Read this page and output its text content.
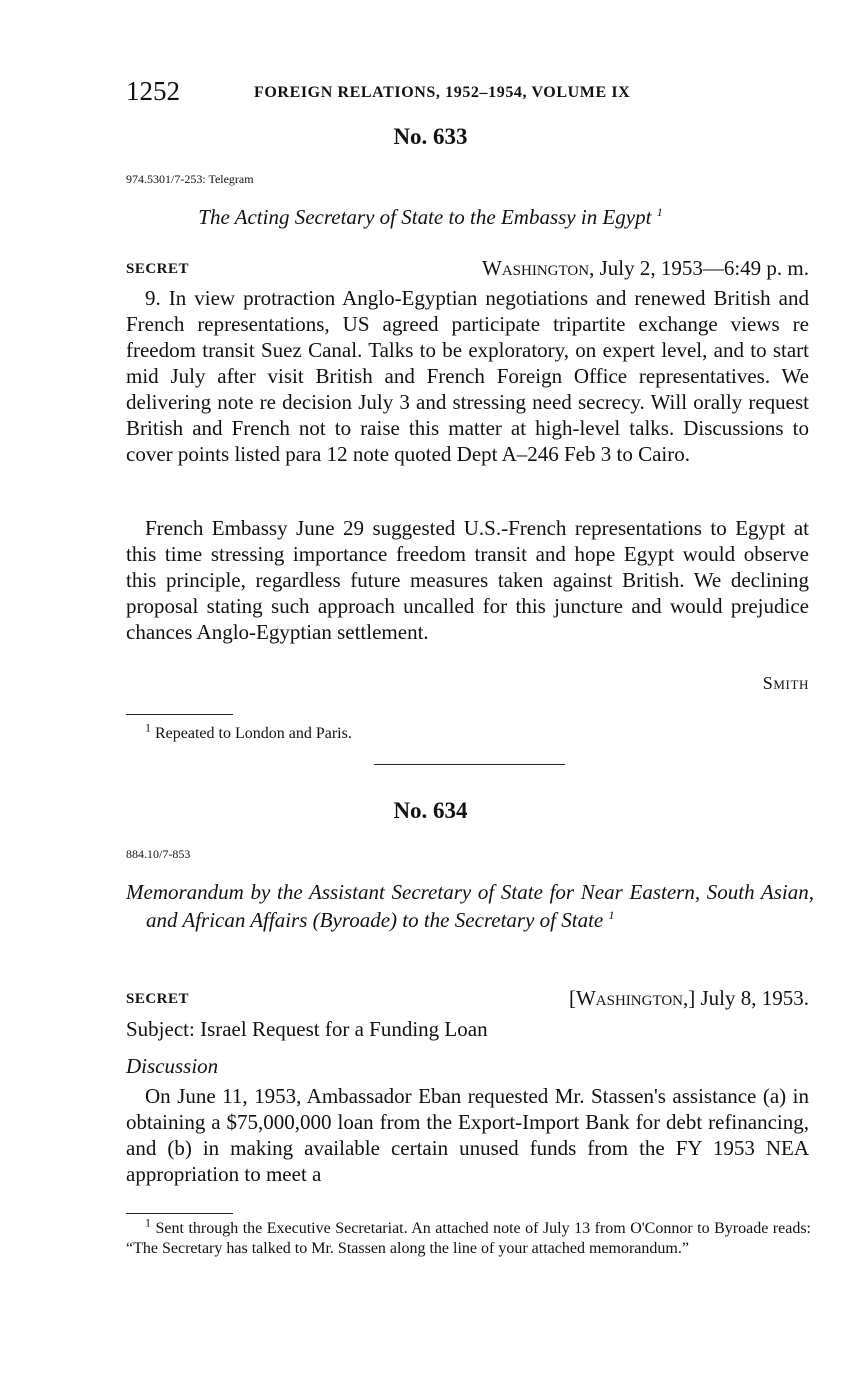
1252	FOREIGN RELATIONS, 1952–1954, VOLUME IX
No. 633
974.5301/7-253: Telegram
The Acting Secretary of State to the Embassy in Egypt $^1$
SECRET	Washington, July 2, 1953—6:49 p. m.

9. In view protraction Anglo-Egyptian negotiations and renewed British and French representations, US agreed participate tripartite exchange views re freedom transit Suez Canal. Talks to be exploratory, on expert level, and to start mid July after visit British and French Foreign Office representatives. We delivering note re decision July 3 and stressing need secrecy. Will orally request British and French not to raise this matter at high-level talks. Discussions to cover points listed para 12 note quoted Dept A–246 Feb 3 to Cairo.

French Embassy June 29 suggested U.S.-French representations to Egypt at this time stressing importance freedom transit and hope Egypt would observe this principle, regardless future measures taken against British. We declining proposal stating such approach uncalled for this juncture and would prejudice chances Anglo-Egyptian settlement.

Smith

$^1$ Repeated to London and Paris.

No. 634
884.10/7-853
Memorandum by the Assistant Secretary of State for Near Eastern, South Asian, and African Affairs (Byroade) to the Secretary of State $^1$
SECRET	[Washington,] July 8, 1953.
Subject: Israel Request for a Funding Loan
Discussion

On June 11, 1953, Ambassador Eban requested Mr. Stassen's assistance (a) in obtaining a $75,000,000 loan from the Export-Import Bank for debt refinancing, and (b) in making available certain unused funds from the FY 1953 NEA appropriation to meet a

$^1$ Sent through the Executive Secretariat. An attached note of July 13 from O'Connor to Byroade reads: “The Secretary has talked to Mr. Stassen along the line of your attached memorandum.”
